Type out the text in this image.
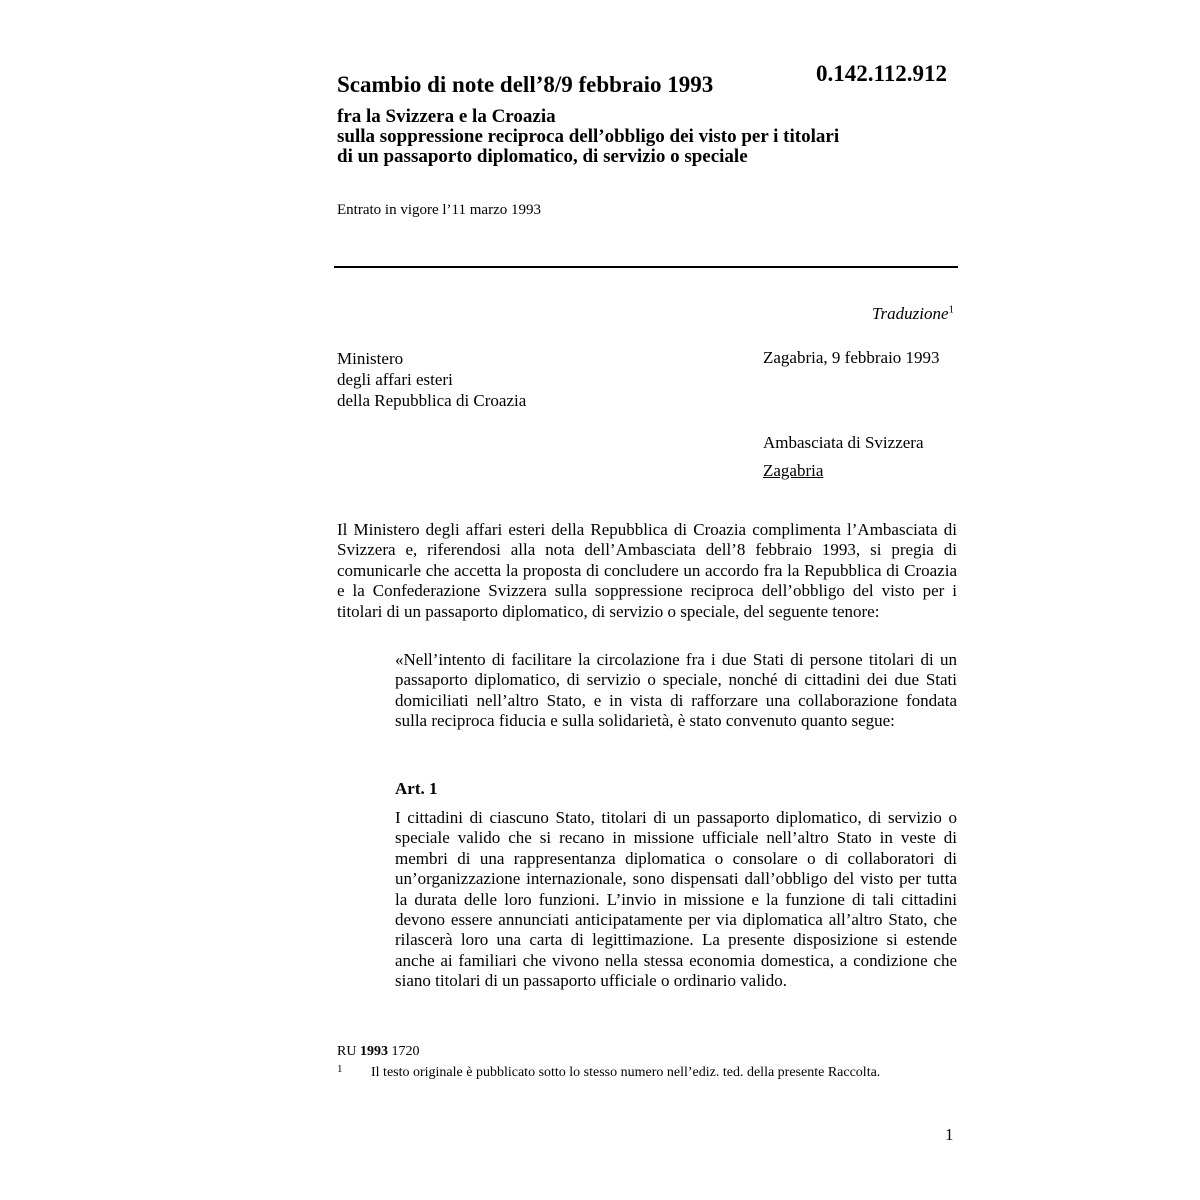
Scambio di note dell’8/9 febbraio 1993	0.142.112.912
fra la Svizzera e la Croazia
sulla soppressione reciproca dell’obbligo dei visto per i titolari
di un passaporto diplomatico, di servizio o speciale
Entrato in vigore l’11 marzo 1993
Traduzione$^1$
Ministero
degli affari esteri
della Repubblica di Croazia
Zagabria, 9 febbraio 1993
Ambasciata di Svizzera
Zagabria

Il Ministero degli affari esteri della Repubblica di Croazia complimenta l’Ambasciata di Svizzera e, riferendosi alla nota dell’Ambasciata dell’8 febbraio 1993, si pregia di comunicarle che accetta la proposta di concludere un accordo fra la Repubblica di Croazia e la Confederazione Svizzera sulla soppressione reciproca dell’obbligo del visto per i titolari di un passaporto diplomatico, di servizio o speciale, del seguente tenore:

«Nell’intento di facilitare la circolazione fra i due Stati di persone titolari di un passaporto diplomatico, di servizio o speciale, nonché di cittadini dei due Stati domiciliati nell’altro Stato, e in vista di rafforzare una collaborazione fondata sulla reciproca fiducia e sulla solidarietà, è stato convenuto quanto segue:

Art. 1

I cittadini di ciascuno Stato, titolari di un passaporto diplomatico, di servizio o speciale valido che si recano in missione ufficiale nell’altro Stato in veste di membri di una rappresentanza diplomatica o consolare o di collaboratori di un’organizzazione internazionale, sono dispensati dall’obbligo del visto per tutta la durata delle loro funzioni. L’invio in missione e la funzione di tali cittadini devono essere annunciati anticipatamente per via diplomatica all’altro Stato, che rilascerà loro una carta di legittimazione. La presente disposizione si estende anche ai familiari che vivono nella stessa economia domestica, a condizione che siano titolari di un passaporto ufficiale o ordinario valido.

RU 1993 1720
1 Il testo originale è pubblicato sotto lo stesso numero nell’ediz. ted. della presente Raccolta.
1
